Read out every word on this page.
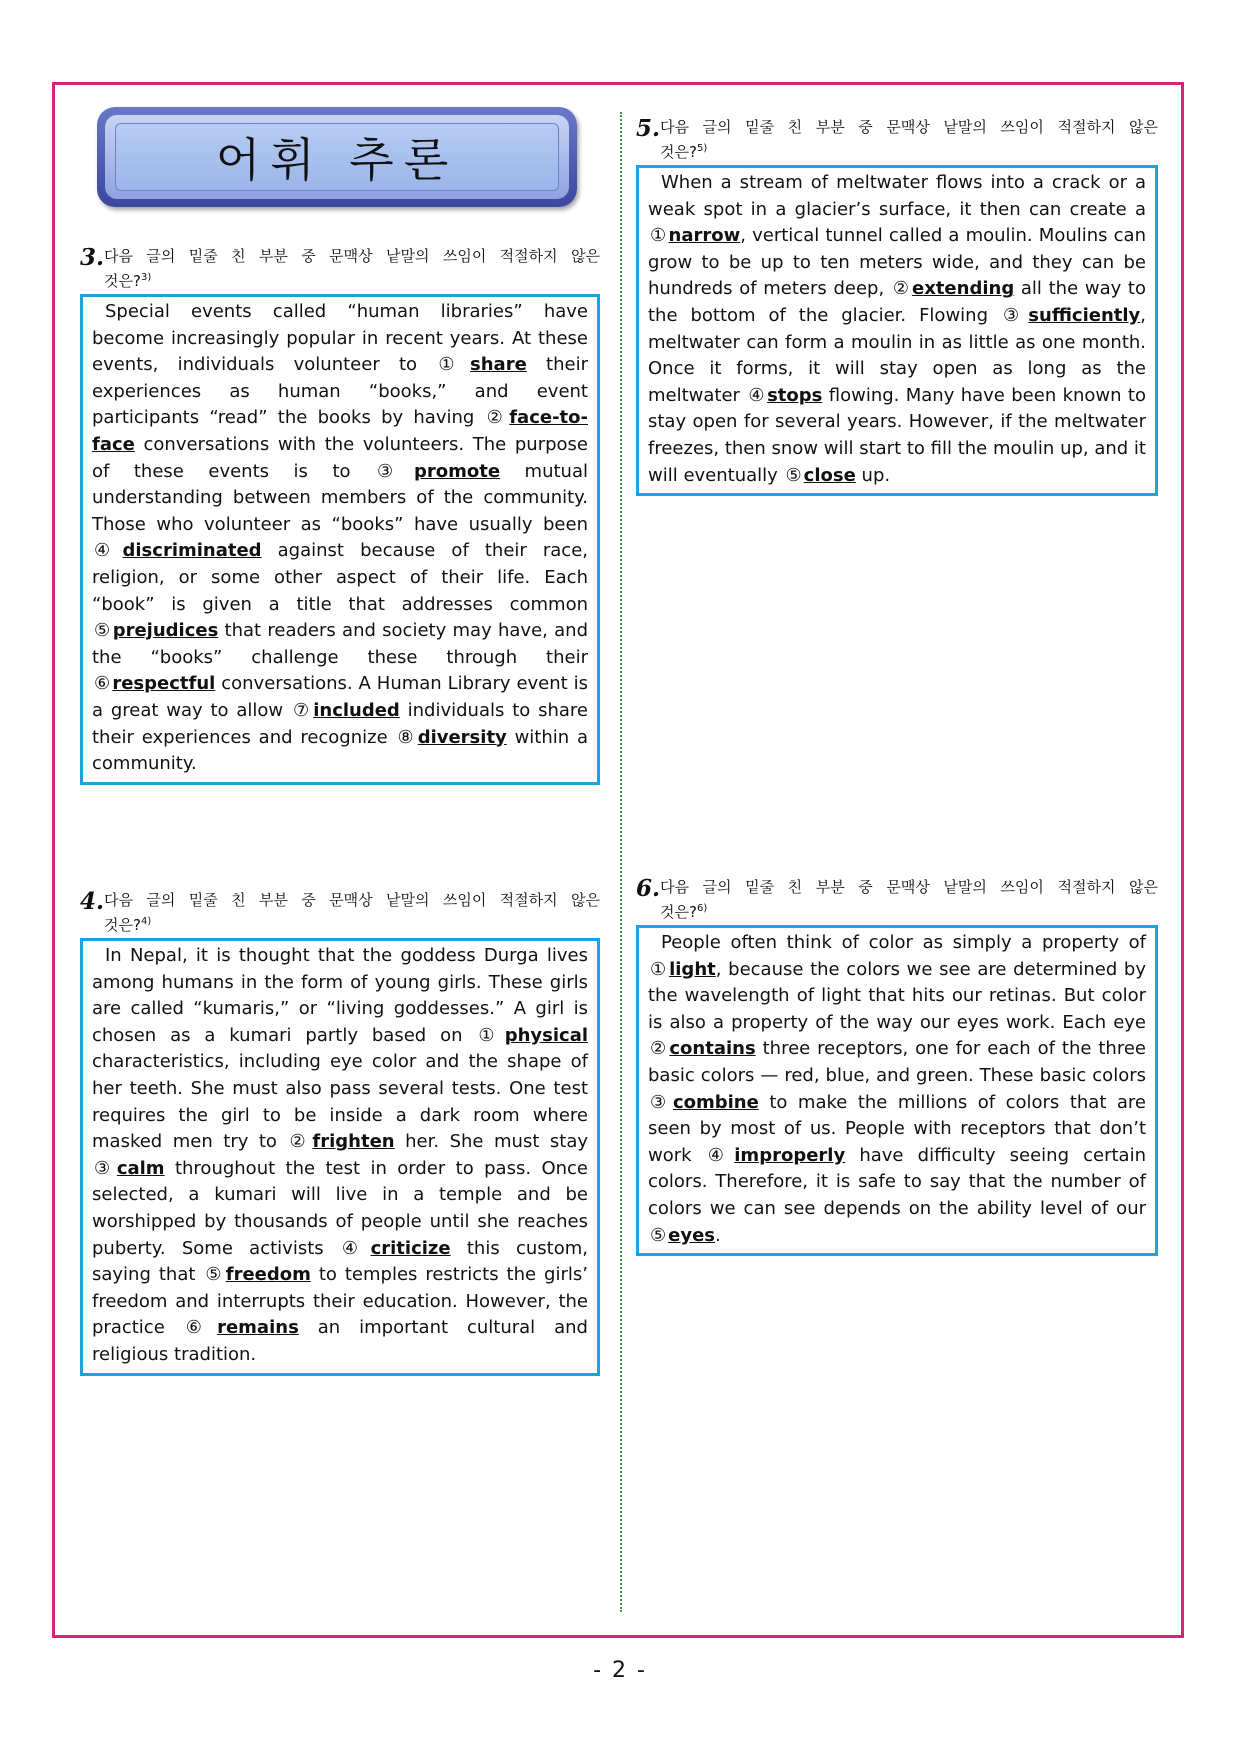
어휘 추론
3. 다음 글의 밑줄 친 부분 중 문맥상 낱말의 쓰임이 적절하지 않은 것은?$^{3)}$

Special events called “human libraries” have become increasingly popular in recent years. At these events, individuals volunteer to ① share their experiences as human “books,” and event participants “read” the books by having ② face-to-face conversations with the volunteers. The purpose of these events is to ③ promote mutual understanding between members of the community. Those who volunteer as “books” have usually been ④ discriminated against because of their race, religion, or some other aspect of their life. Each “book” is given a title that addresses common ⑤ prejudices that readers and society may have, and the “books” challenge these through their ⑥ respectful conversations. A Human Library event is a great way to allow ⑦ included individuals to share their experiences and recognize ⑧ diversity within a community.

4. 다음 글의 밑줄 친 부분 중 문맥상 낱말의 쓰임이 적절하지 않은 것은?$^{4)}$

In Nepal, it is thought that the goddess Durga lives among humans in the form of young girls. These girls are called “kumaris,” or “living goddesses.” A girl is chosen as a kumari partly based on ① physical characteristics, including eye color and the shape of her teeth. She must also pass several tests. One test requires the girl to be inside a dark room where masked men try to ② frighten her. She must stay ③ calm throughout the test in order to pass. Once selected, a kumari will live in a temple and be worshipped by thousands of people until she reaches puberty. Some activists ④ criticize this custom, saying that ⑤ freedom to temples restricts the girls’ freedom and interrupts their education. However, the practice ⑥ remains an important cultural and religious tradition.

5. 다음 글의 밑줄 친 부분 중 문맥상 낱말의 쓰임이 적절하지 않은 것은?$^{5)}$

When a stream of meltwater flows into a crack or a weak spot in a glacier’s surface, it then can create a ① narrow, vertical tunnel called a moulin. Moulins can grow to be up to ten meters wide, and they can be hundreds of meters deep, ② extending all the way to the bottom of the glacier. Flowing ③ sufficiently, meltwater can form a moulin in as little as one month. Once it forms, it will stay open as long as the meltwater ④ stops flowing. Many have been known to stay open for several years. However, if the meltwater freezes, then snow will start to fill the moulin up, and it will eventually ⑤ close up.

6. 다음 글의 밑줄 친 부분 중 문맥상 낱말의 쓰임이 적절하지 않은 것은?$^{6)}$

People often think of color as simply a property of ① light, because the colors we see are determined by the wavelength of light that hits our retinas. But color is also a property of the way our eyes work. Each eye ② contains three receptors, one for each of the three basic colors — red, blue, and green. These basic colors ③ combine to make the millions of colors that are seen by most of us. People with receptors that don’t work ④ improperly have difficulty seeing certain colors. Therefore, it is safe to say that the number of colors we can see depends on the ability level of our ⑤ eyes.

- 2 -
